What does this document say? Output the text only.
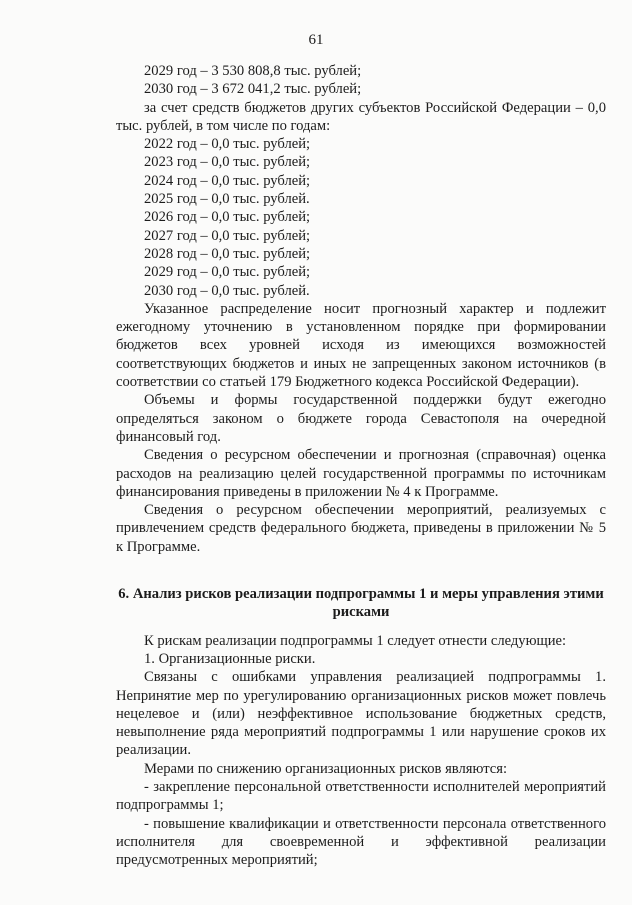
61

2029 год – 3 530 808,8 тыс. рублей;

2030 год – 3 672 041,2 тыс. рублей;

за счет средств бюджетов других субъектов Российской Федерации – 0,0 тыс. рублей, в том числе по годам:

2022 год – 0,0 тыс. рублей;

2023 год – 0,0 тыс. рублей;

2024 год – 0,0 тыс. рублей;

2025 год – 0,0 тыс. рублей.

2026 год – 0,0 тыс. рублей;

2027 год – 0,0 тыс. рублей;

2028 год – 0,0 тыс. рублей;

2029 год – 0,0 тыс. рублей;

2030 год – 0,0 тыс. рублей.

Указанное распределение носит прогнозный характер и подлежит ежегодному уточнению в установленном порядке при формировании бюджетов всех уровней исходя из имеющихся возможностей соответствующих бюджетов и иных не запрещенных законом источников (в соответствии со статьей 179 Бюджетного кодекса Российской Федерации).

Объемы и формы государственной поддержки будут ежегодно определяться законом о бюджете города Севастополя на очередной финансовый год.

Сведения о ресурсном обеспечении и прогнозная (справочная) оценка расходов на реализацию целей государственной программы по источникам финансирования приведены в приложении № 4 к Программе.

Сведения о ресурсном обеспечении мероприятий, реализуемых с привлечением средств федерального бюджета, приведены в приложении № 5 к Программе.

6. Анализ рисков реализации подпрограммы 1 и меры управления этими рисками

К рискам реализации подпрограммы 1 следует отнести следующие:

1. Организационные риски.

Связаны с ошибками управления реализацией подпрограммы 1. Непринятие мер по урегулированию организационных рисков может повлечь нецелевое и (или) неэффективное использование бюджетных средств, невыполнение ряда мероприятий подпрограммы 1 или нарушение сроков их реализации.

Мерами по снижению организационных рисков являются:

- закрепление персональной ответственности исполнителей мероприятий подпрограммы 1;

- повышение квалификации и ответственности персонала ответственного исполнителя для своевременной и эффективной реализации предусмотренных мероприятий;
